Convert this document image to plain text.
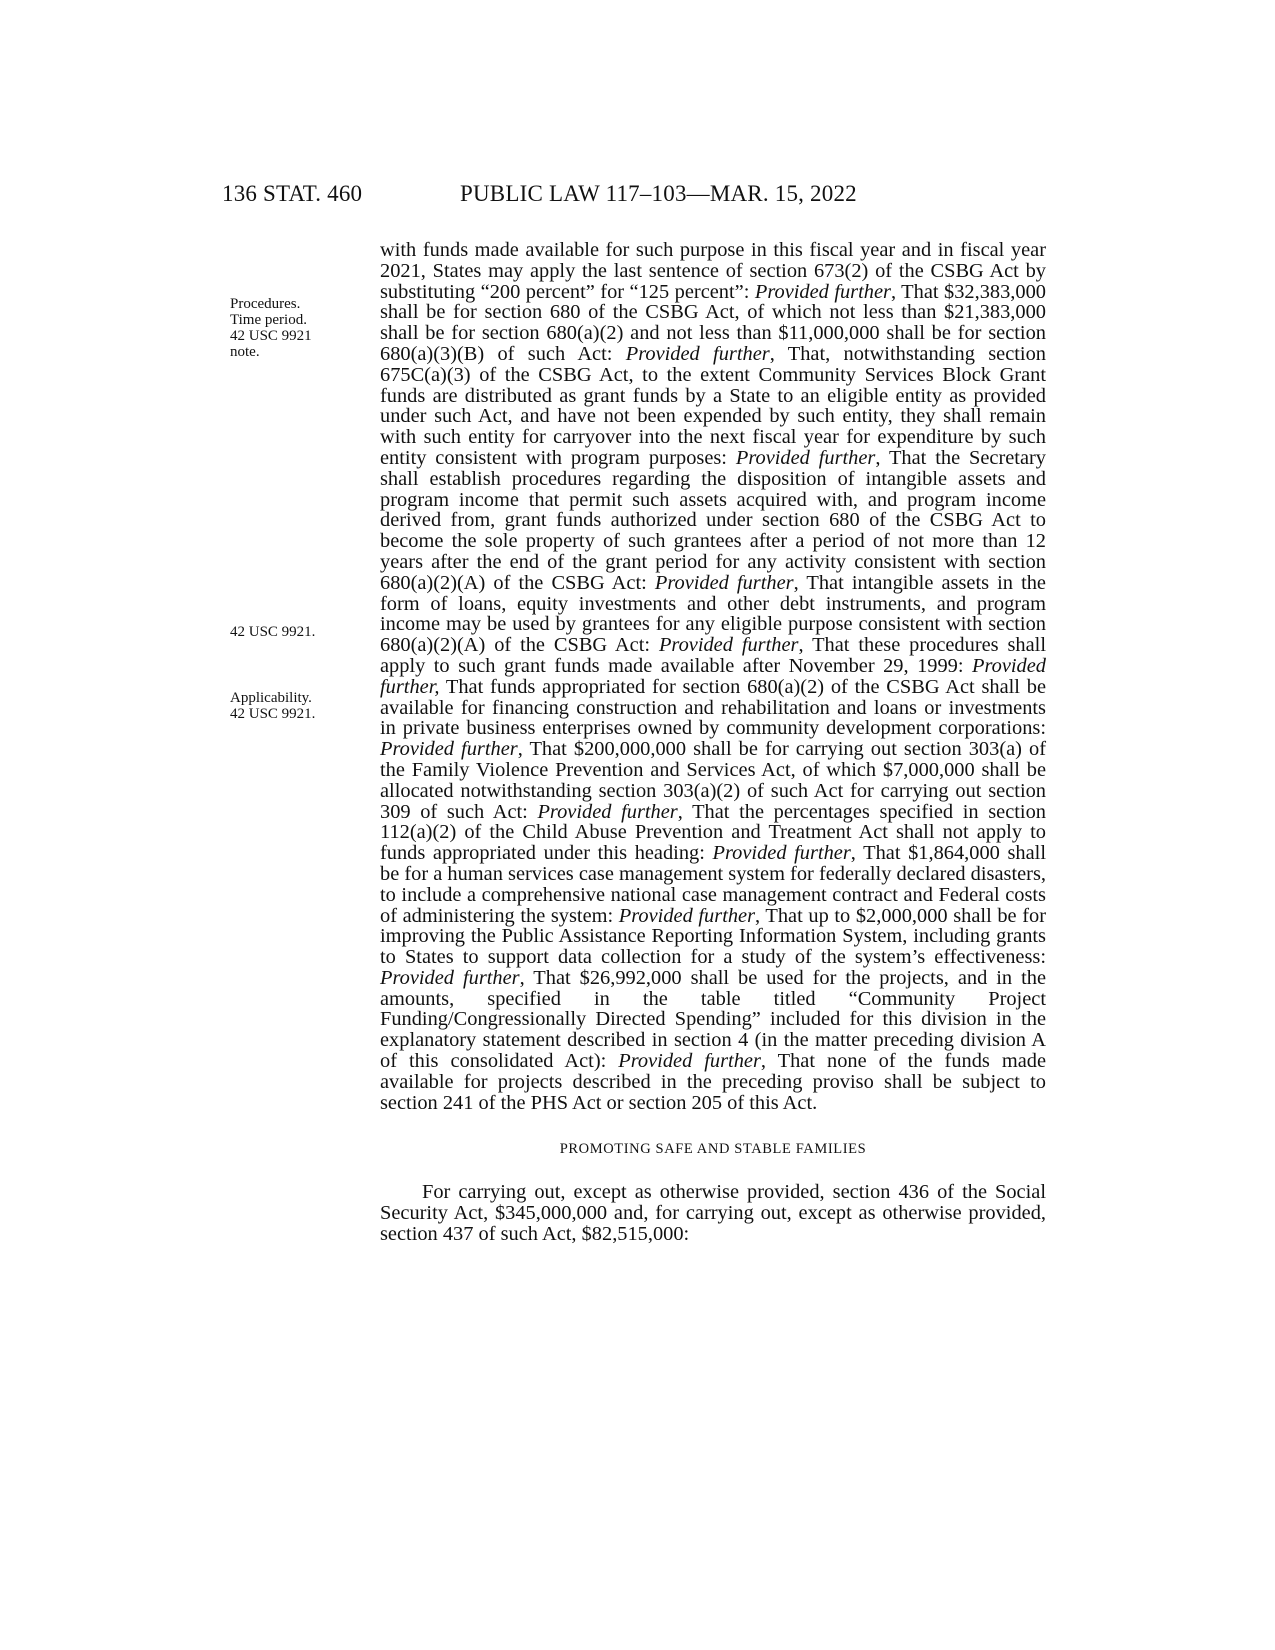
136 STAT. 460	PUBLIC LAW 117–103—MAR. 15, 2022
Procedures.
Time period.
42 USC 9921
note.
42 USC 9921.
Applicability.
42 USC 9921.

with funds made available for such purpose in this fiscal year and in fiscal year 2021, States may apply the last sentence of section 673(2) of the CSBG Act by substituting “200 percent” for “125 percent”: Provided further, That $32,383,000 shall be for section 680 of the CSBG Act, of which not less than $21,383,000 shall be for section 680(a)(2) and not less than $11,000,000 shall be for section 680(a)(3)(B) of such Act: Provided further, That, notwithstanding section 675C(a)(3) of the CSBG Act, to the extent Community Services Block Grant funds are distributed as grant funds by a State to an eligible entity as provided under such Act, and have not been expended by such entity, they shall remain with such entity for carryover into the next fiscal year for expenditure by such entity consistent with program purposes: Provided further, That the Secretary shall establish procedures regarding the disposition of intangible assets and program income that permit such assets acquired with, and program income derived from, grant funds authorized under section 680 of the CSBG Act to become the sole property of such grantees after a period of not more than 12 years after the end of the grant period for any activity consistent with section 680(a)(2)(A) of the CSBG Act: Provided further, That intangible assets in the form of loans, equity investments and other debt instruments, and program income may be used by grantees for any eligible purpose consistent with section 680(a)(2)(A) of the CSBG Act: Provided further, That these procedures shall apply to such grant funds made available after November 29, 1999: Provided further, That funds appropriated for section 680(a)(2) of the CSBG Act shall be available for financing construction and rehabilitation and loans or investments in private business enterprises owned by community development corporations: Provided further, That $200,000,000 shall be for carrying out section 303(a) of the Family Violence Prevention and Services Act, of which $7,000,000 shall be allocated notwithstanding section 303(a)(2) of such Act for carrying out section 309 of such Act: Provided further, That the percentages specified in section 112(a)(2) of the Child Abuse Prevention and Treatment Act shall not apply to funds appropriated under this heading: Provided further, That $1,864,000 shall be for a human services case management system for federally declared disasters, to include a comprehensive national case management contract and Federal costs of administering the system: Provided further, That up to $2,000,000 shall be for improving the Public Assistance Reporting Information System, including grants to States to support data collection for a study of the system’s effectiveness: Provided further, That $26,992,000 shall be used for the projects, and in the amounts, specified in the table titled “Community Project Funding/Congressionally Directed Spending” included for this division in the explanatory statement described in section 4 (in the matter preceding division A of this consolidated Act): Provided further, That none of the funds made available for projects described in the preceding proviso shall be subject to section 241 of the PHS Act or section 205 of this Act.

PROMOTING SAFE AND STABLE FAMILIES

For carrying out, except as otherwise provided, section 436 of the Social Security Act, $345,000,000 and, for carrying out, except as otherwise provided, section 437 of such Act, $82,515,000:
